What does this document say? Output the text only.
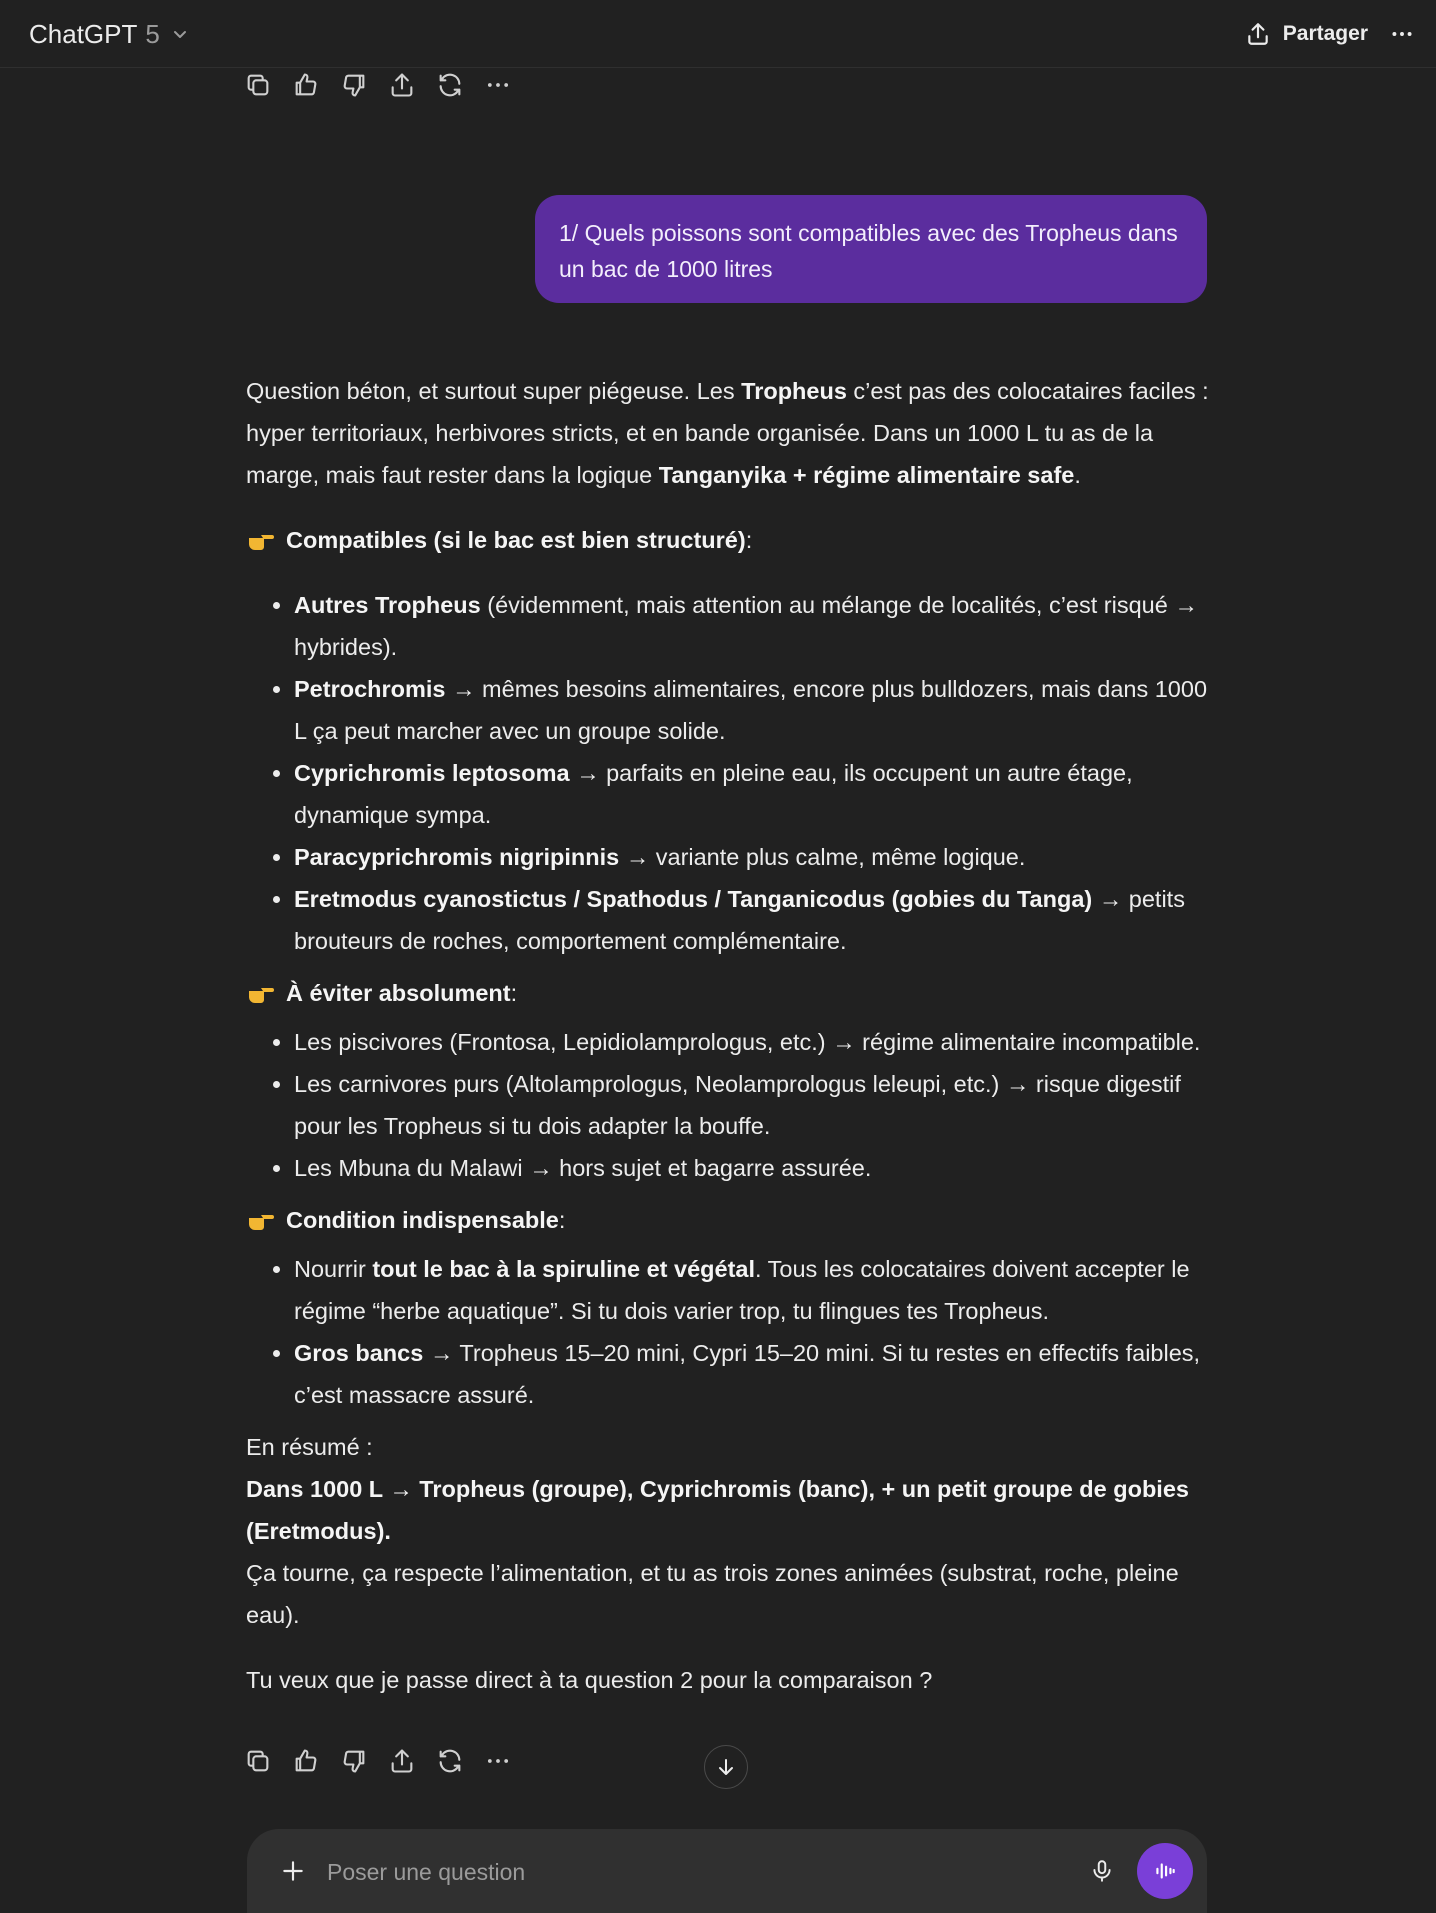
ChatGPT 5	Partager
1/ Quels poissons sont compatibles avec des Tropheus dans un bac de 1000 litres

Question béton, et surtout super piégeuse. Les Tropheus c’est pas des colocataires faciles : hyper territoriaux, herbivores stricts, et en bande organisée. Dans un 1000 L tu as de la marge, mais faut rester dans la logique Tanganyika + régime alimentaire safe.

Compatibles (si le bac est bien structuré) :
• Autres Tropheus (évidemment, mais attention au mélange de localités, c’est risqué → hybrides).
• Petrochromis → mêmes besoins alimentaires, encore plus bulldozers, mais dans 1000 L ça peut marcher avec un groupe solide.
• Cyprichromis leptosoma → parfaits en pleine eau, ils occupent un autre étage, dynamique sympa.
• Paracyprichromis nigripinnis → variante plus calme, même logique.
• Eretmodus cyanostictus / Spathodus / Tanganicodus (gobies du Tanga) → petits brouteurs de roches, comportement complémentaire.
À éviter absolument :
• Les piscivores (Frontosa, Lepidiolamprologus, etc.) → régime alimentaire incompatible.
• Les carnivores purs (Altolamprologus, Neolamprologus leleupi, etc.) → risque digestif pour les Tropheus si tu dois adapter la bouffe.
• Les Mbuna du Malawi → hors sujet et bagarre assurée.
Condition indispensable :
• Nourrir tout le bac à la spiruline et végétal. Tous les colocataires doivent accepter le régime “herbe aquatique”. Si tu dois varier trop, tu flingues tes Tropheus.
• Gros bancs → Tropheus 15–20 mini, Cypri 15–20 mini. Si tu restes en effectifs faibles, c’est massacre assuré.
En résumé :
Dans 1000 L → Tropheus (groupe), Cyprichromis (banc), + un petit groupe de gobies (Eretmodus).
Ça tourne, ça respecte l’alimentation, et tu as trois zones animées (substrat, roche, pleine eau).

Tu veux que je passe direct à ta question 2 pour la comparaison ?

Poser une question
